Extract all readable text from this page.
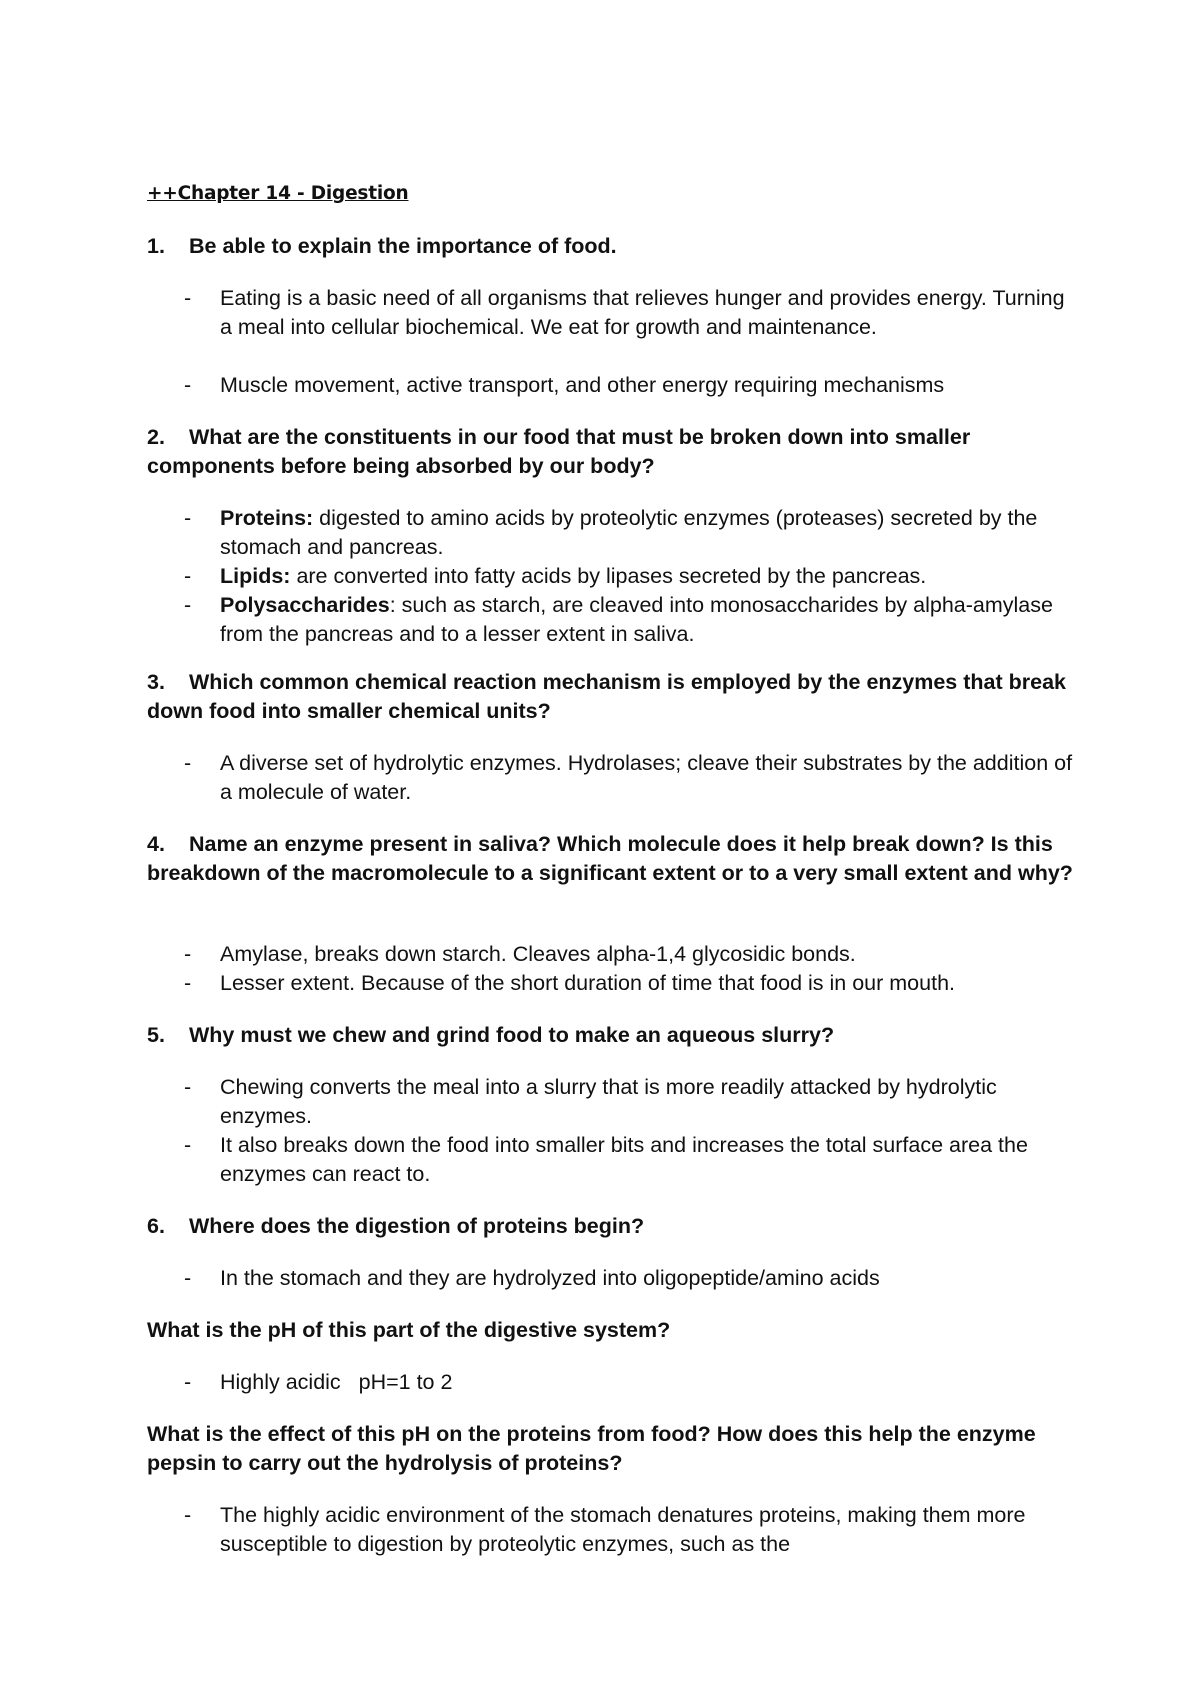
++Chapter 14 - Digestion
1. Be able to explain the importance of food.
-	Eating is a basic need of all organisms that relieves hunger and provides energy. Turning a meal into cellular biochemical. We eat for growth and maintenance.
-	Muscle movement, active transport, and other energy requiring mechanisms
2. What are the constituents in our food that must be broken down into smaller components before being absorbed by our body?
-	Proteins: digested to amino acids by proteolytic enzymes (proteases) secreted by the stomach and pancreas.
-	Lipids: are converted into fatty acids by lipases secreted by the pancreas.
-	Polysaccharides: such as starch, are cleaved into monosaccharides by alpha-amylase from the pancreas and to a lesser extent in saliva.
3. Which common chemical reaction mechanism is employed by the enzymes that break down food into smaller chemical units?
-	A diverse set of hydrolytic enzymes. Hydrolases; cleave their substrates by the addition of a molecule of water.
4. Name an enzyme present in saliva? Which molecule does it help break down? Is this breakdown of the macromolecule to a significant extent or to a very small extent and why?
-	Amylase, breaks down starch. Cleaves alpha-1,4 glycosidic bonds.
-	Lesser extent. Because of the short duration of time that food is in our mouth.
5. Why must we chew and grind food to make an aqueous slurry?
-	Chewing converts the meal into a slurry that is more readily attacked by hydrolytic enzymes.
-	It also breaks down the food into smaller bits and increases the total surface area the enzymes can react to.
6. Where does the digestion of proteins begin?
-	In the stomach and they are hydrolyzed into oligopeptide/amino acids
What is the pH of this part of the digestive system?
-	Highly acidic   pH=1 to 2
What is the effect of this pH on the proteins from food? How does this help the enzyme pepsin to carry out the hydrolysis of proteins?
-	The highly acidic environment of the stomach denatures proteins, making them more susceptible to digestion by proteolytic enzymes, such as the
